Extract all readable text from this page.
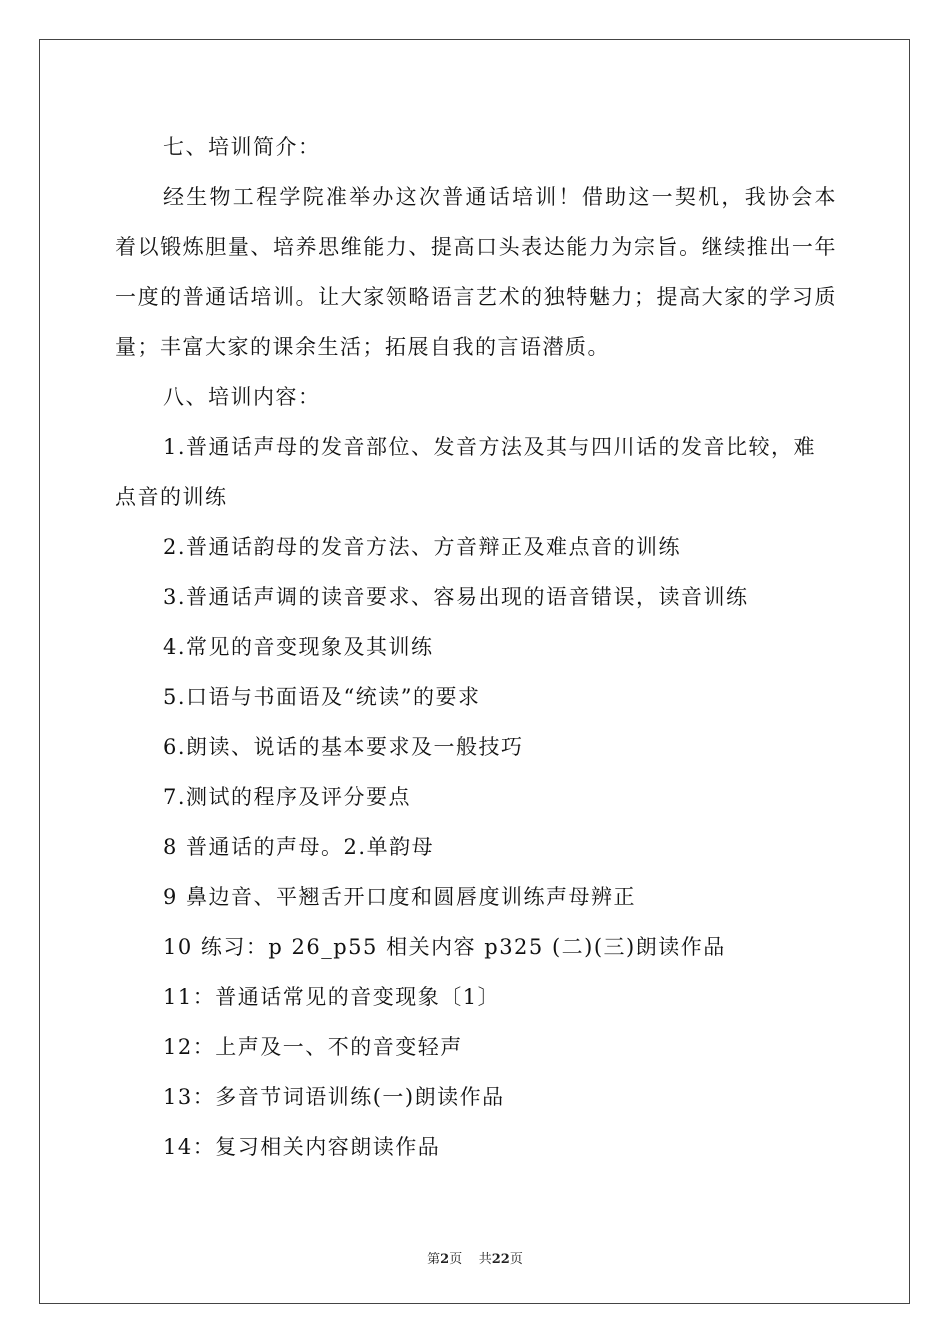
七、培训简介：

经生物工程学院准举办这次普通话培训！借助这一契机，我协会本着以锻炼胆量、培养思维能力、提高口头表达能力为宗旨。继续推出一年一度的普通话培训。让大家领略语言艺术的独特魅力；提高大家的学习质量；丰富大家的课余生活；拓展自我的言语潜质。

八、培训内容：

1.普通话声母的发音部位、发音方法及其与四川话的发音比较，难点音的训练

2.普通话韵母的发音方法、方音辩正及难点音的训练

3.普通话声调的读音要求、容易出现的语音错误，读音训练

4.常见的音变现象及其训练

5.口语与书面语及“统读”的要求

6.朗读、说话的基本要求及一般技巧

7.测试的程序及评分要点

8 普通话的声母。2.单韵母

9 鼻边音、平翘舌开口度和圆唇度训练声母辨正

10 练习：p 26_p55 相关内容 p325 (二)(三)朗读作品

11：普通话常见的音变现象〔1〕

12：上声及一、不的音变轻声

13：多音节词语训练(一)朗读作品

14：复习相关内容朗读作品

第2页    共22页
